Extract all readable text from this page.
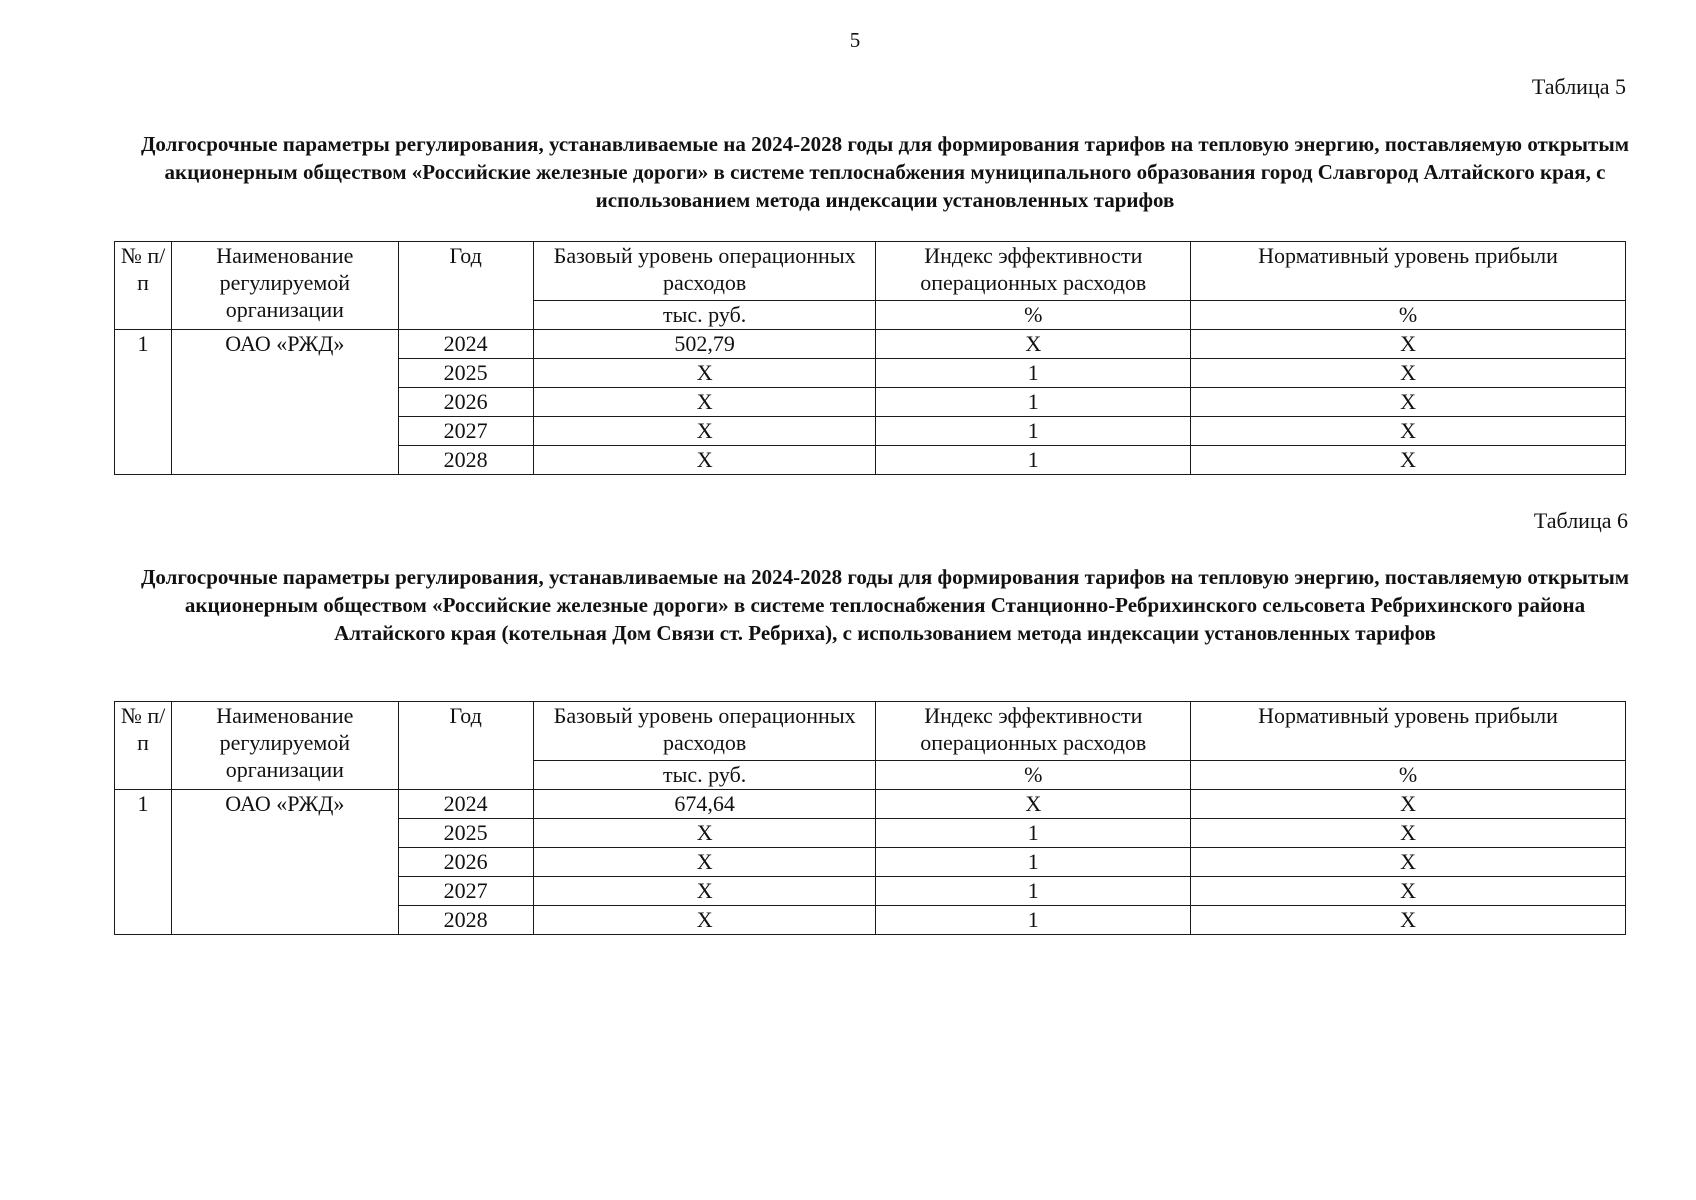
5
Таблица 5
Долгосрочные параметры регулирования, устанавливаемые на 2024-2028 годы для формирования тарифов на тепловую энергию, поставляемую открытым акционерным обществом «Российские железные дороги» в системе теплоснабжения муниципального образования город Славгород Алтайского края, с использованием метода индексации установленных тарифов
№ п/п	Наименование регулируемой организации	Год	Базовый уровень операционных расходов	Индекс эффективности операционных расходов	Нормативный уровень прибыли
			тыс. руб.	%	%
1	ОАО «РЖД»	2024	502,79	X	X
		2025	X	1	X
		2026	X	1	X
		2027	X	1	X
		2028	X	1	X
Таблица 6
Долгосрочные параметры регулирования, устанавливаемые на 2024-2028 годы для формирования тарифов на тепловую энергию, поставляемую открытым акционерным обществом «Российские железные дороги» в системе теплоснабжения Станционно-Ребрихинского сельсовета Ребрихинского района Алтайского края (котельная Дом Связи ст. Ребриха), с использованием метода индексации установленных тарифов
№ п/п	Наименование регулируемой организации	Год	Базовый уровень операционных расходов	Индекс эффективности операционных расходов	Нормативный уровень прибыли
			тыс. руб.	%	%
1	ОАО «РЖД»	2024	674,64	X	X
		2025	X	1	X
		2026	X	1	X
		2027	X	1	X
		2028	X	1	X
